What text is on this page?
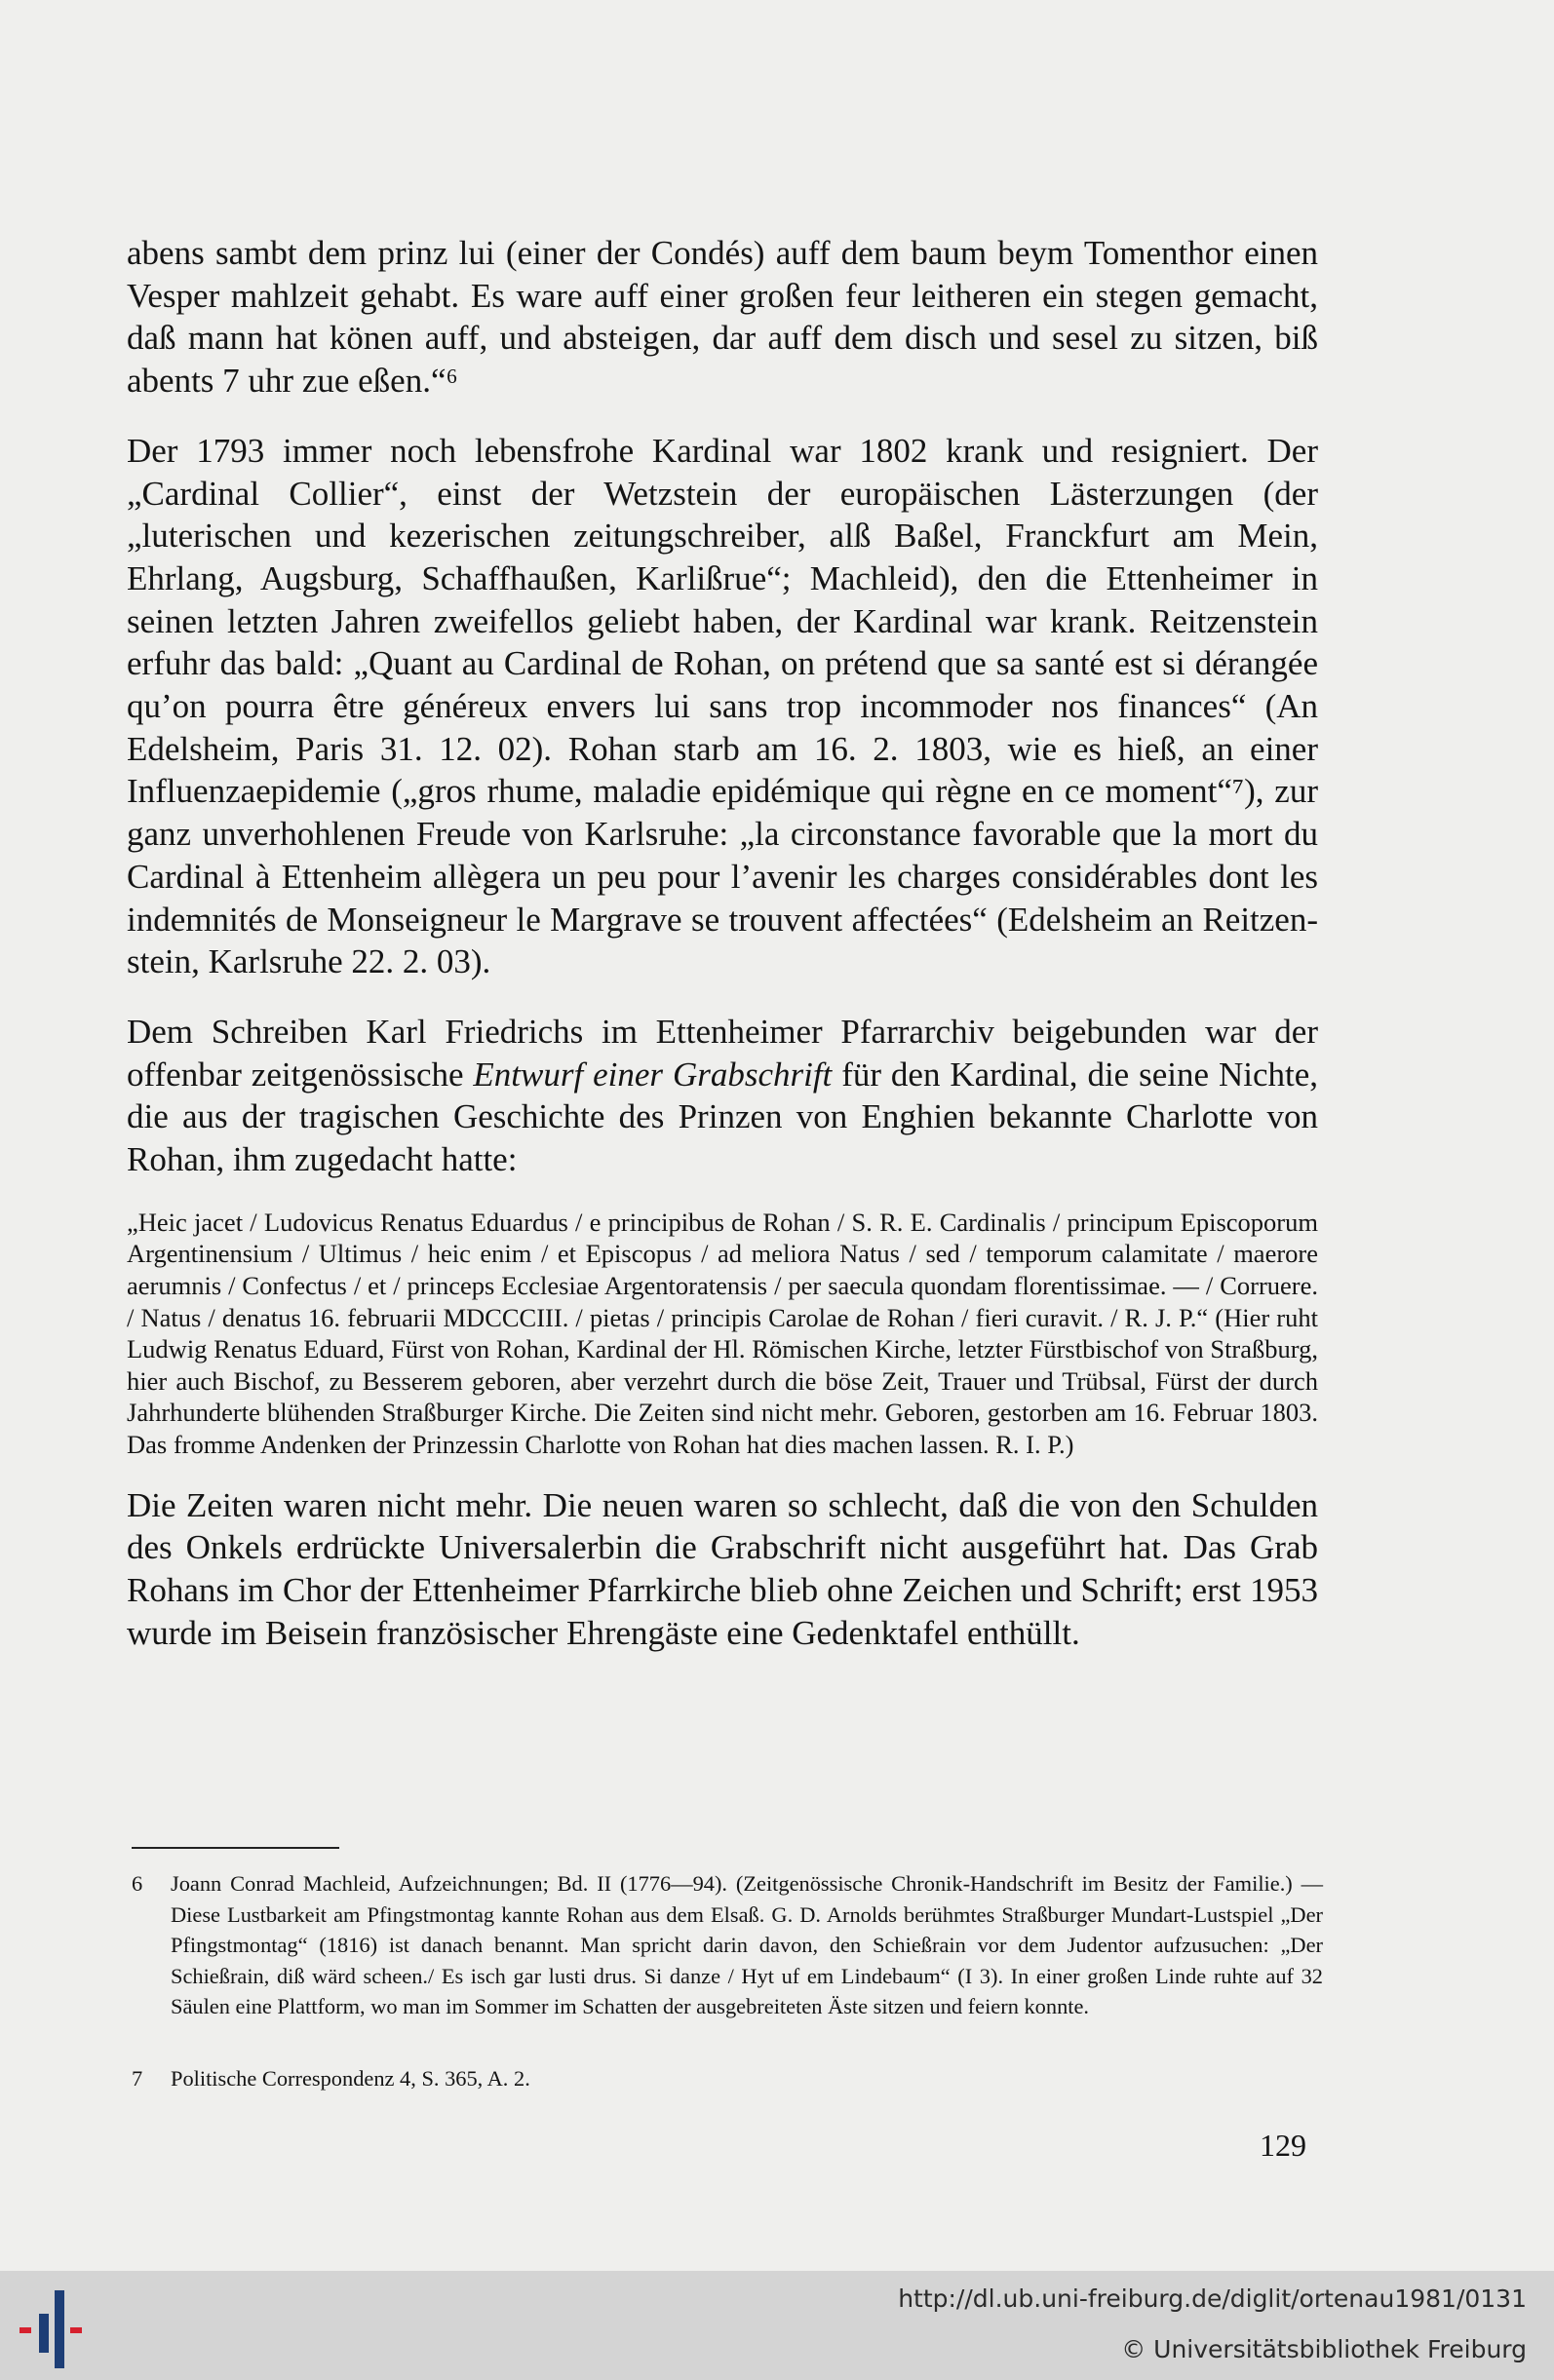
abens sambt dem prinz lui (einer der Condés) auff dem baum beym Tomenthor einen Vesper mahlzeit gehabt. Es ware auff einer großen feur leitheren ein stegen gemacht, daß mann hat könen auff, und absteigen, dar auff dem disch und sesel zu sitzen, biß abents 7 uhr zue eßen.“⁶

Der 1793 immer noch lebensfrohe Kardinal war 1802 krank und resigniert. Der „Cardinal Collier“, einst der Wetzstein der europäischen Lästerzungen (der „luterischen und kezerischen zeitungschreiber, alß Baßel, Franckfurt am Mein, Ehrlang, Augsburg, Schaffhaußen, Karlißrue“; Machleid), den die Ettenheimer in seinen letzten Jahren zweifellos geliebt haben, der Kardinal war krank. Reitzenstein erfuhr das bald: „Quant au Cardinal de Rohan, on prétend que sa santé est si dérangée qu’on pourra être généreux envers lui sans trop incommoder nos finances“ (An Edelsheim, Paris 31. 12. 02). Rohan starb am 16. 2. 1803, wie es hieß, an einer Influenzaepidemie („gros rhume, maladie epidémique qui règne en ce moment“⁷), zur ganz unverhohlenen Freude von Karlsruhe: „la circonstance favorable que la mort du Cardinal à Ettenheim allègera un peu pour l’avenir les charges considérables dont les indemnités de Monseigneur le Margrave se trouvent affectées“ (Edelsheim an Reitzenstein, Karlsruhe 22. 2. 03).

Dem Schreiben Karl Friedrichs im Ettenheimer Pfarrarchiv beigebunden war der offenbar zeitgenössische Entwurf einer Grabschrift für den Kardinal, die seine Nichte, die aus der tragischen Geschichte des Prinzen von Enghien bekannte Charlotte von Rohan, ihm zugedacht hatte:

„Heic jacet / Ludovicus Renatus Eduardus / e principibus de Rohan / S. R. E. Cardinalis / principum Episcoporum Argentinensium / Ultimus / heic enim / et Episcopus / ad meliora Natus / sed / temporum calamitate / maerore aerumnis / Confectus / et / princeps Ecclesiae Argentoratensis / per saecula quondam florentissimae. — / Corruere. / Natus / denatus 16. februarii MDCCCIII. / pietas / principis Carolae de Rohan / fieri curavit. / R. J. P.“ (Hier ruht Ludwig Renatus Eduard, Fürst von Rohan, Kardinal der Hl. Römischen Kirche, letzter Fürstbischof von Straßburg, hier auch Bischof, zu Besserem geboren, aber verzehrt durch die böse Zeit, Trauer und Trübsal, Fürst der durch Jahrhunderte blühenden Straßburger Kirche. Die Zeiten sind nicht mehr. Geboren, gestorben am 16. Februar 1803. Das fromme Andenken der Prinzessin Charlotte von Rohan hat dies machen lassen. R. I. P.)

Die Zeiten waren nicht mehr. Die neuen waren so schlecht, daß die von den Schulden des Onkels erdrückte Universalerbin die Grabschrift nicht ausgeführt hat. Das Grab Rohans im Chor der Ettenheimer Pfarrkirche blieb ohne Zeichen und Schrift; erst 1953 wurde im Beisein französischer Ehrengäste eine Gedenktafel enthüllt.

6 Joann Conrad Machleid, Aufzeichnungen; Bd. II (1776—94). (Zeitgenössische Chronik-Handschrift im Besitz der Familie.) — Diese Lustbarkeit am Pfingstmontag kannte Rohan aus dem Elsaß. G. D. Arnolds berühmtes Straßburger Mundart-Lustspiel „Der Pfingstmontag“ (1816) ist danach benannt. Man spricht darin davon, den Schießrain vor dem Judentor aufzusuchen: „Der Schießrain, diß wärd scheen./ Es isch gar lusti drus. Si danze / Hyt uf em Lindebaum“ (I 3). In einer großen Linde ruhte auf 32 Säulen eine Plattform, wo man im Sommer im Schatten der ausgebreiteten Äste sitzen und feiern konnte.

7 Politische Correspondenz 4, S. 365, A. 2.

129

http://dl.ub.uni-freiburg.de/diglit/ortenau1981/0131

© Universitätsbibliothek Freiburg
